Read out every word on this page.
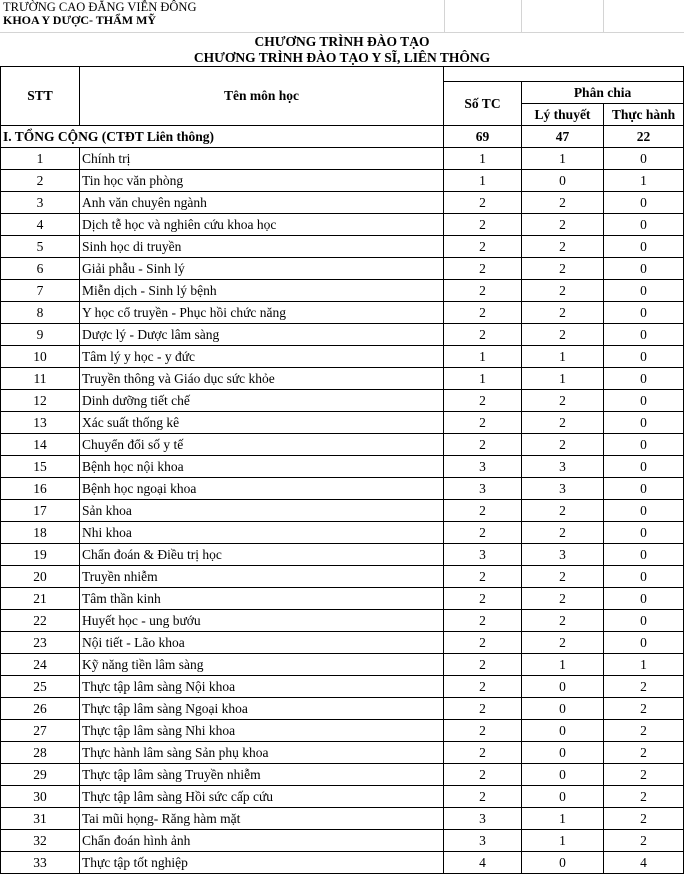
TRƯỜNG CAO ĐẲNG VIỄN ĐÔNG
KHOA Y DƯỢC- THẨM MỸ
CHƯƠNG TRÌNH ĐÀO TẠO
CHƯƠNG TRÌNH ĐÀO TẠO Y SĨ, LIÊN THÔNG
STT	Tên môn học			
		Số TC	Phân chia	
			Lý thuyết	Thực hành
I. TỔNG CỘNG (CTĐT Liên thông)		69	47	22
1	Chính trị	1	1	0
2	Tin học văn phòng	1	0	1
3	Anh văn chuyên ngành	2	2	0
4	Dịch tễ học và nghiên cứu khoa học	2	2	0
5	Sinh học di truyền	2	2	0
6	Giải phẫu - Sinh lý	2	2	0
7	Miễn dịch - Sinh lý bệnh	2	2	0
8	Y học cổ truyền - Phục hồi chức năng	2	2	0
9	Dược lý - Dược lâm sàng	2	2	0
10	Tâm lý y học - y đức	1	1	0
11	Truyền thông và Giáo dục sức khỏe	1	1	0
12	Dinh dưỡng tiết chế	2	2	0
13	Xác suất thống kê	2	2	0
14	Chuyển đổi số y tế	2	2	0
15	Bệnh học nội khoa	3	3	0
16	Bệnh học ngoại khoa	3	3	0
17	Sản khoa	2	2	0
18	Nhi khoa	2	2	0
19	Chẩn đoán & Điều trị học	3	3	0
20	Truyền nhiễm	2	2	0
21	Tâm thần kinh	2	2	0
22	Huyết học - ung bướu	2	2	0
23	Nội tiết - Lão khoa	2	2	0
24	Kỹ năng tiền lâm sàng	2	1	1
25	Thực tập lâm sàng Nội khoa	2	0	2
26	Thực tập lâm sàng Ngoại khoa	2	0	2
27	Thực tập lâm sàng Nhi khoa	2	0	2
28	Thực hành lâm sàng Sản phụ khoa	2	0	2
29	Thực tập lâm sàng Truyền nhiễm	2	0	2
30	Thực tập lâm sàng Hồi sức cấp cứu	2	0	2
31	Tai mũi họng- Răng hàm mặt	3	1	2
32	Chẩn đoán hình ảnh	3	1	2
33	Thực tập tốt nghiệp	4	0	4
